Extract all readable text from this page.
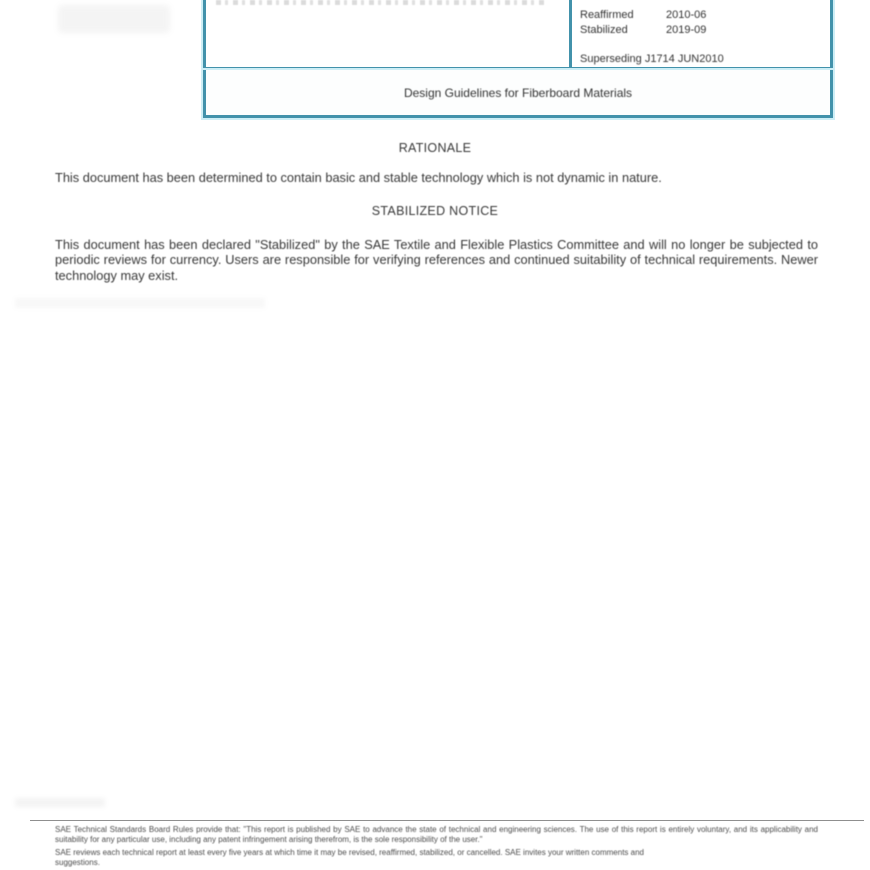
Reaffirmed	2010-06
Stabilized	2019-09
Superseding J1714 JUN2010
Design Guidelines for Fiberboard Materials
RATIONALE
This document has been determined to contain basic and stable technology which is not dynamic in nature.
STABILIZED NOTICE
This document has been declared "Stabilized" by the SAE Textile and Flexible Plastics Committee and will no longer be subjected to periodic reviews for currency. Users are responsible for verifying references and continued suitability of technical requirements. Newer technology may exist.
SAE Technical Standards Board Rules provide that: "This report is published by SAE to advance the state of technical and engineering sciences. The use of this report is entirely voluntary, and its applicability and suitability for any particular use, including any patent infringement arising therefrom, is the sole responsibility of the user."
SAE reviews each technical report at least every five years at which time it may be revised, reaffirmed, stabilized, or cancelled. SAE invites your written comments and
suggestions.
